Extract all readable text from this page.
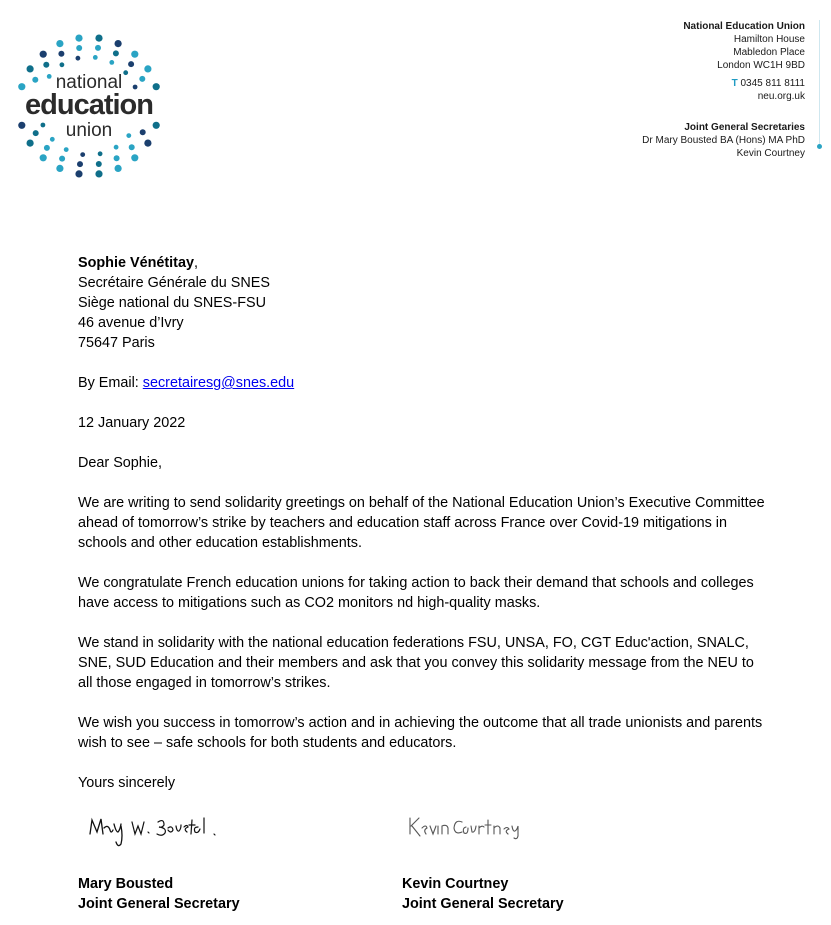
national
education
union
National Education Union
Hamilton House
Mabledon Place
London WC1H 9BD
T 0345 811 8111
neu.org.uk
Joint General Secretaries
Dr Mary Bousted BA (Hons) MA PhD
Kevin Courtney

Sophie Vénétitay,

Secrétaire Générale du SNES

Siège national du SNES-FSU

46 avenue d’Ivry

75647 Paris

By Email: secretairesg@snes.edu

12 January 2022

Dear Sophie,

We are writing to send solidarity greetings on behalf of the National Education Union’s Executive Committee ahead of tomorrow’s strike by teachers and education staff across France over Covid-19 mitigations in schools and other education establishments.

We congratulate French education unions for taking action to back their demand that schools and colleges have access to mitigations such as CO2 monitors nd high-quality masks.

We stand in solidarity with the national education federations FSU, UNSA, FO, CGT Educ'action, SNALC, SNE, SUD Education and their members and ask that you convey this solidarity message from the NEU to all those engaged in tomorrow’s strikes.

We wish you success in tomorrow’s action and in achieving the outcome that all trade unionists and parents wish to see – safe schools for both students and educators.

Yours sincerely

Mary Bousted
Joint General Secretary
Kevin Courtney
Joint General Secretary
